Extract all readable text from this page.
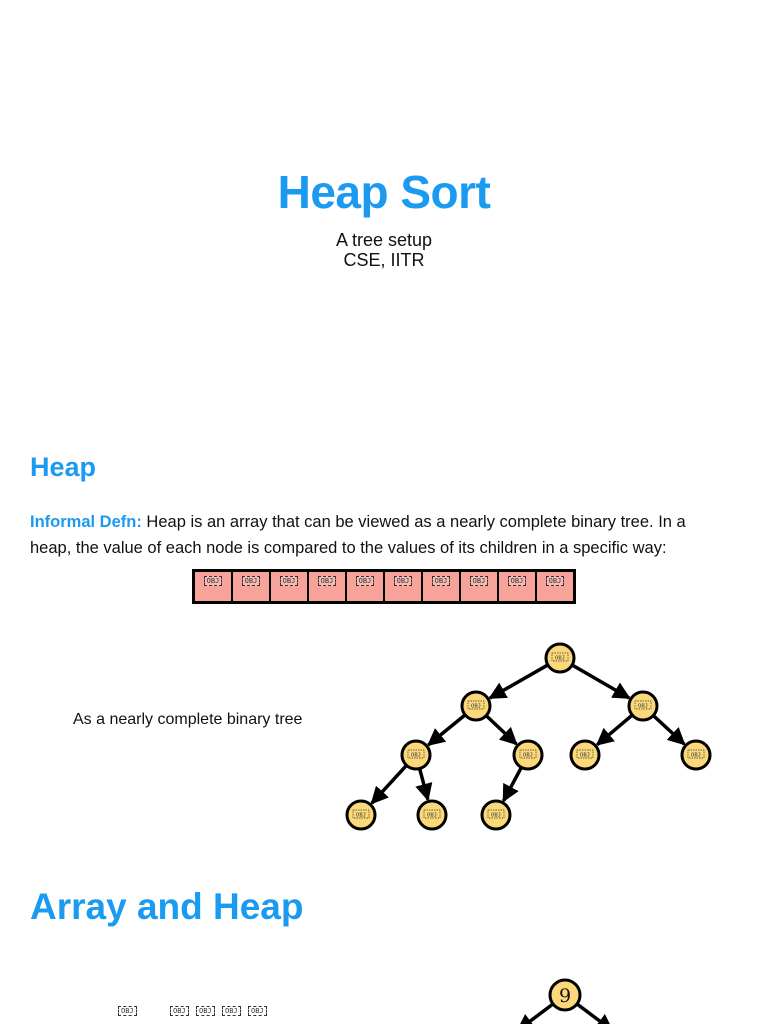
Heap Sort
A tree setup
CSE, IITR
Heap
Informal Defn: Heap is an array that can be viewed as a nearly complete binary tree. In a heap, the value of each node is compared to the values of its children in a specific way:
OBJ	OBJ	OBJ	OBJ	OBJ	OBJ	OBJ	OBJ	OBJ	OBJ
As a nearly complete binary tree
OBJ
OBJ	OBJ
OBJ	OBJ	OBJ	OBJ
OBJ	OBJ	OBJ
9
Array and Heap
OBJ	OBJ	OBJ	OBJ	OBJ
